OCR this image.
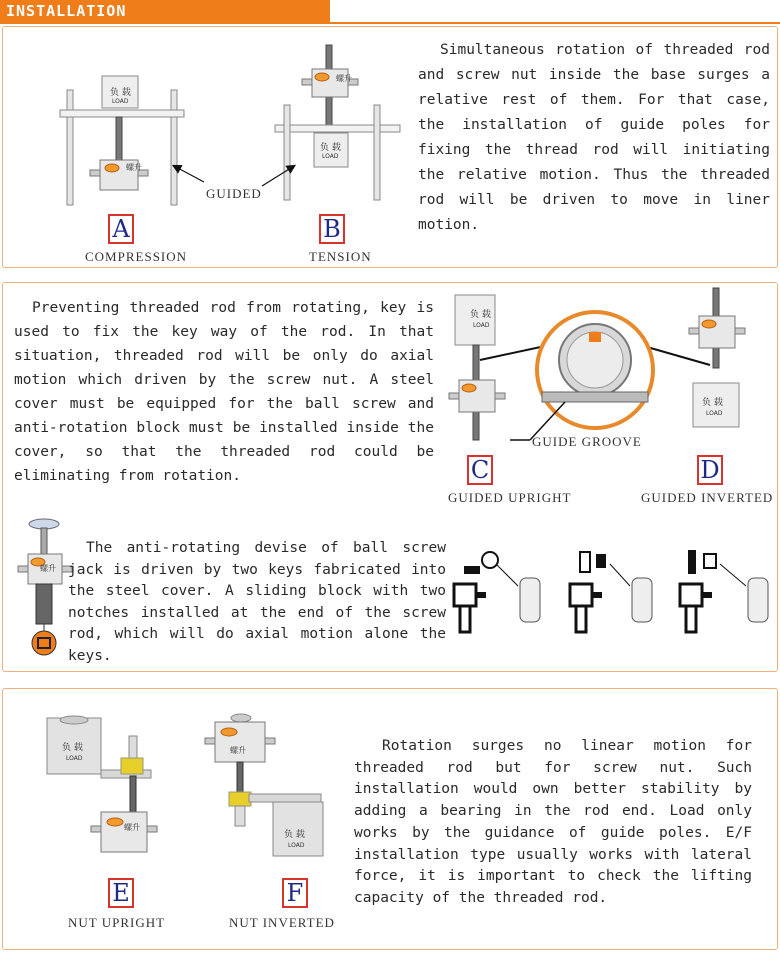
INSTALLATION
负 载
LOAD
螺升
负 载
LOAD
螺升
GUIDED
A
COMPRESSION
B
TENSION
Simultaneous rotation of threaded rod and screw nut inside the base surges a relative rest of them. For that case, the installation of guide poles for fixing the thread rod will initiating the relative motion. Thus the threaded rod will be driven to move in liner motion.
Preventing threaded rod from rotating, key is used to fix the key way of the rod. In that situation, threaded rod will be only do axial motion which driven by the screw nut. A steel cover must be equipped for the ball screw and anti-rotation block must be installed inside the cover, so that the threaded rod could be eliminating from rotation.
负 载
LOAD
GUIDE GROOVE
负 载
LOAD
C
GUIDED UPRIGHT
D
GUIDED INVERTED
螺升
The anti-rotating devise of ball screw jack is driven by two keys fabricated into the steel cover. A sliding block with two notches installed at the end of the screw rod, which will do axial motion alone the keys.
负 载
LOAD
螺升
螺升
负 载
LOAD
E
NUT UPRIGHT
F
NUT INVERTED
Rotation surges no linear motion for threaded rod but for screw nut. Such installation would own better stability by adding a bearing in the rod end. Load only works by the guidance of guide poles. E/F installation type usually works with lateral force, it is important to check the lifting capacity of the threaded rod.
